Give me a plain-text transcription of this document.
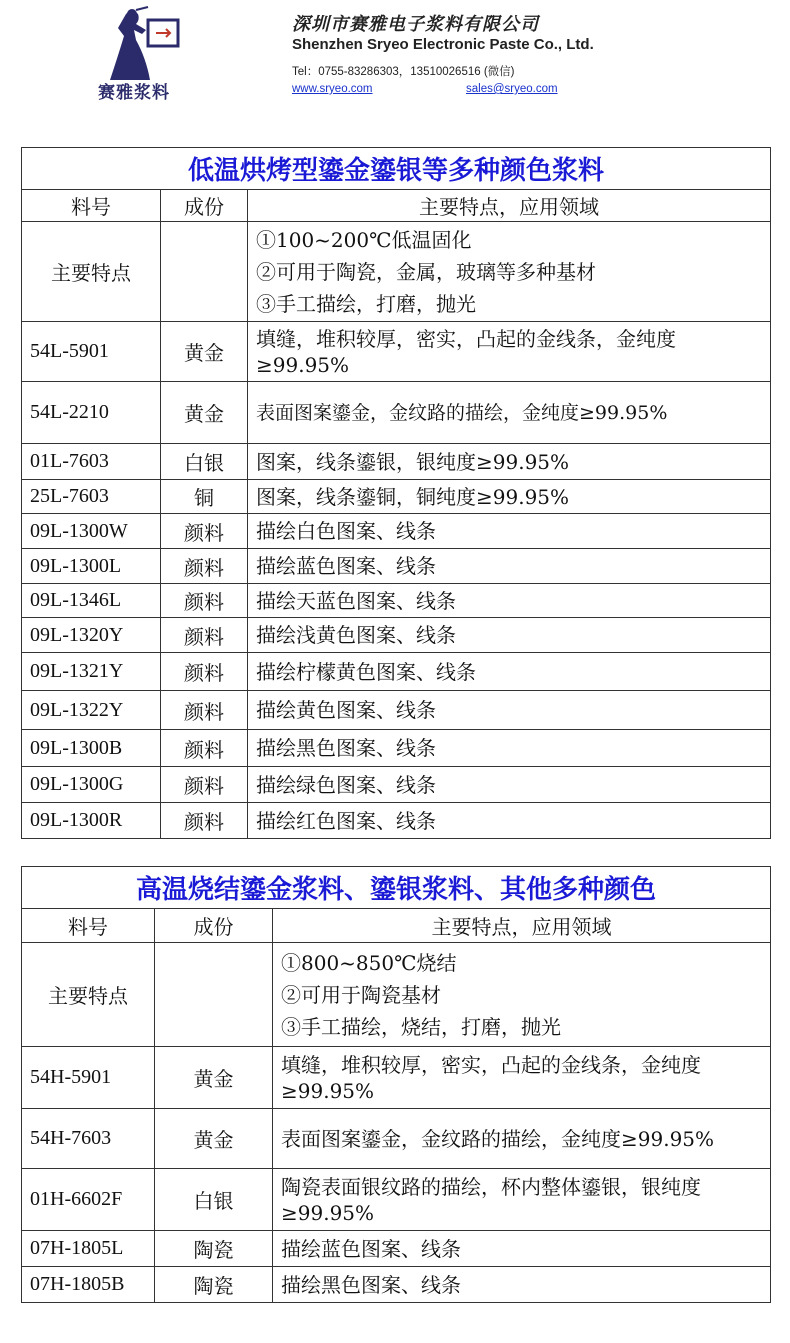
赛雅浆料
深圳市赛雅电子浆料有限公司
Shenzhen Sryeo Electronic Paste Co., Ltd.
Tel：0755-83286303，13510026516 (微信)
www.sryeo.com	sales@sryeo.com
低温烘烤型鎏金鎏银等多种颜色浆料		
料号	成份	主要特点，应用领域
主要特点		①100~200℃低温固化
②可用于陶瓷，金属，玻璃等多种基材
③手工描绘，打磨，抛光

54L-5901	黄金	填缝，堆积较厚，密实，凸起的金线条，金纯度≥99.95%
54L-2210	黄金	表面图案鎏金，金纹路的描绘，金纯度≥99.95%
01L-7603	白银	图案，线条鎏银，银纯度≥99.95%
25L-7603	铜	图案，线条鎏铜，铜纯度≥99.95%
09L-1300W	颜料	描绘白色图案、线条
09L-1300L	颜料	描绘蓝色图案、线条
09L-1346L	颜料	描绘天蓝色图案、线条
09L-1320Y	颜料	描绘浅黄色图案、线条
09L-1321Y	颜料	描绘柠檬黄色图案、线条
09L-1322Y	颜料	描绘黄色图案、线条
09L-1300B	颜料	描绘黑色图案、线条
09L-1300G	颜料	描绘绿色图案、线条
09L-1300R	颜料	描绘红色图案、线条
高温烧结鎏金浆料、鎏银浆料、其他多种颜色		
料号	成份	主要特点，应用领域
主要特点		①800~850℃烧结
②可用于陶瓷基材
③手工描绘，烧结，打磨，抛光

54H-5901	黄金	填缝，堆积较厚，密实，凸起的金线条，金纯度≥99.95%
54H-7603	黄金	表面图案鎏金，金纹路的描绘，金纯度≥99.95%
01H-6602F	白银	陶瓷表面银纹路的描绘，杯内整体鎏银，银纯度≥99.95%
07H-1805L	陶瓷	描绘蓝色图案、线条
07H-1805B	陶瓷	描绘黑色图案、线条
